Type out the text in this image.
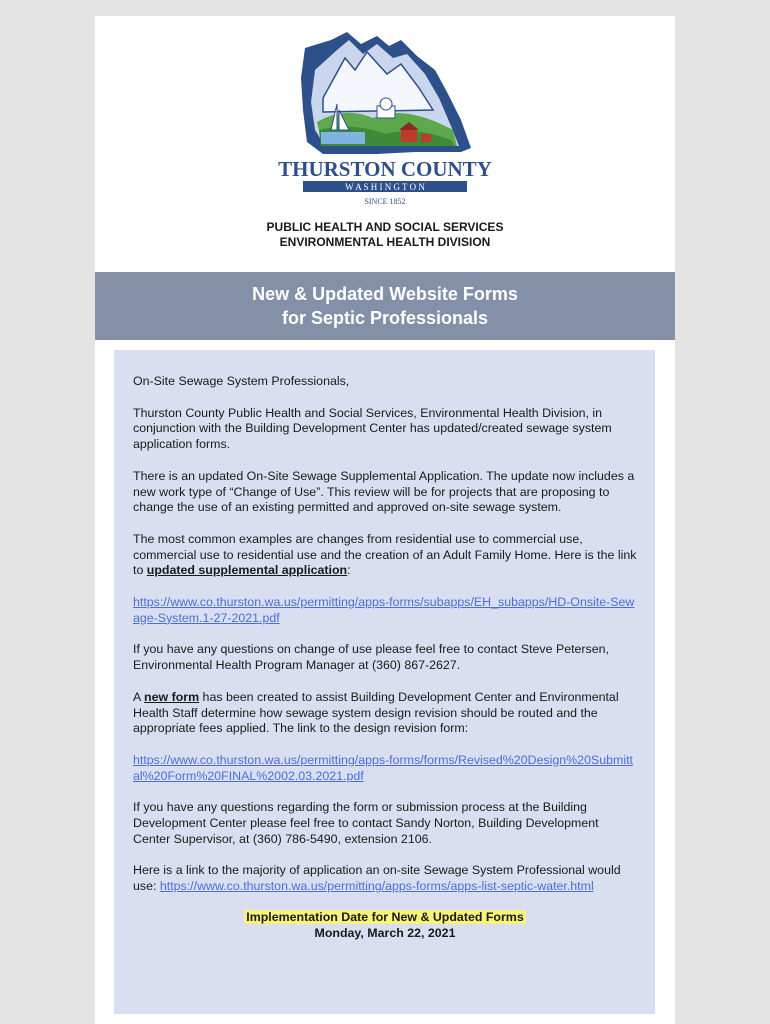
THURSTON COUNTY
W A S H I N G T O N
SINCE 1852
PUBLIC HEALTH AND SOCIAL SERVICES
ENVIRONMENTAL HEALTH DIVISION
New & Updated Website Forms
for Septic Professionals

On-Site Sewage System Professionals,

Thurston County Public Health and Social Services, Environmental Health Division, in conjunction with the Building Development Center has updated/created sewage system application forms.

There is an updated On-Site Sewage Supplemental Application. The update now includes a new work type of “Change of Use”. This review will be for projects that are proposing to change the use of an existing permitted and approved on-site sewage system.

The most common examples are changes from residential use to commercial use, commercial use to residential use and the creation of an Adult Family Home. Here is the link to updated supplemental application:

https://www.co.thurston.wa.us/permitting/apps-forms/subapps/EH_subapps/HD-Onsite-Sewage-System.1-27-2021.pdf

If you have any questions on change of use please feel free to contact Steve Petersen, Environmental Health Program Manager at (360) 867-2627.

A new form has been created to assist Building Development Center and Environmental Health Staff determine how sewage system design revision should be routed and the appropriate fees applied. The link to the design revision form:

https://www.co.thurston.wa.us/permitting/apps-forms/forms/Revised%20Design%20Submittal%20Form%20FINAL%2002.03.2021.pdf

If you have any questions regarding the form or submission process at the Building Development Center please feel free to contact Sandy Norton, Building Development Center Supervisor, at (360) 786-5490, extension 2106.

Here is a link to the majority of application an on-site Sewage System Professional would use: https://www.co.thurston.wa.us/permitting/apps-forms/apps-list-septic-water.html

Implementation Date for New & Updated Forms
Monday, March 22, 2021
